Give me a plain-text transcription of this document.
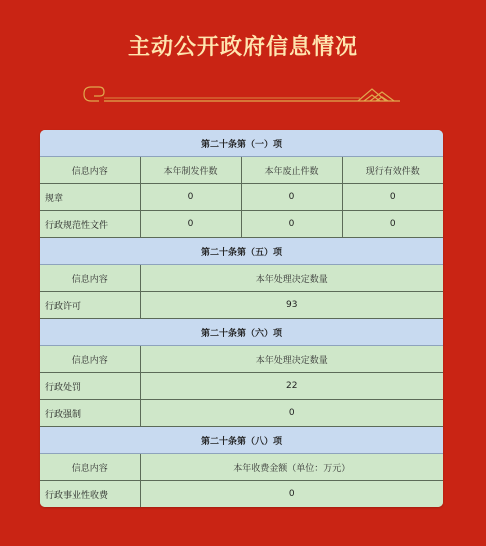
主动公开政府信息情况
第二十条第（一）项			
信息内容	本年制发件数	本年废止件数	现行有效件数
规章	0	0	0
行政规范性文件	0	0	0
第二十条第（五）项			
信息内容	本年处理决定数量		
行政许可	93		
第二十条第（六）项			
信息内容	本年处理决定数量		
行政处罚	22		
行政强制	0		
第二十条第（八）项			
信息内容	本年收费金额（单位：万元）		
行政事业性收费	0		
